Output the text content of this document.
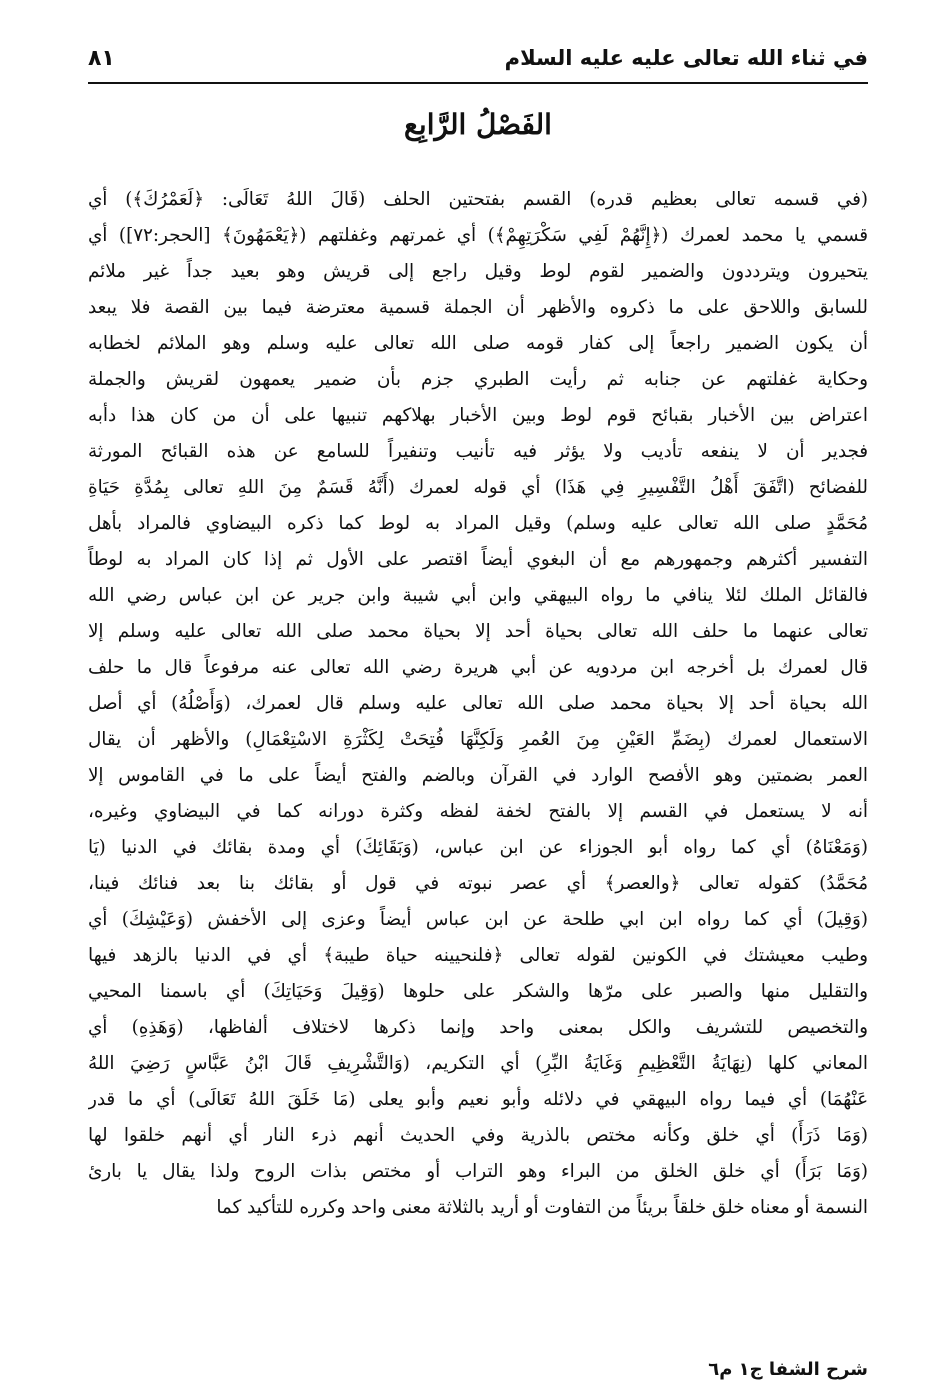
في ثناء الله تعالى عليه عليه السلام
٨١
الفَصْلُ الرَّابِع
(في قسمه تعالى بعظيم قدره) القسم بفتحتين الحلف (قَالَ اللهُ تَعَالَى: ﴿لَعَمْرُكَ﴾) أي
قسمي يا محمد لعمرك (﴿إِنَّهُمْ لَفِي سَكْرَتِهِمْ﴾) أي غمرتهم وغفلتهم (﴿يَعْمَهُونَ﴾ [الحجر:٧٢]) أي
يتحيرون ويترددون والضمير لقوم لوط وقيل راجع إلى قريش وهو بعيد جداً غير ملائم
للسابق واللاحق على ما ذكروه والأظهر أن الجملة قسمية معترضة فيما بين القصة فلا يبعد
أن يكون الضمير راجعاً إلى كفار قومه صلى الله تعالى عليه وسلم وهو الملائم لخطابه
وحكاية غفلتهم عن جنابه ثم رأيت الطبري جزم بأن ضمير يعمهون لقريش والجملة
اعتراض بين الأخبار بقبائح قوم لوط وبين الأخبار بهلاكهم تنبيها على أن من كان هذا دأبه
فجدير أن لا ينفعه تأديب ولا يؤثر فيه تأنيب وتنفيراً للسامع عن هذه القبائح المورثة
للفضائح (اتَّفَقَ أَهْلُ التَّفْسِيرِ فِي هَذَا) أي قوله لعمرك (أَنَّهُ قَسَمٌ مِنَ اللهِ تعالى بِمُدَّةِ حَيَاةِ
مُحَمَّدٍ صلى الله تعالى عليه وسلم) وقيل المراد به لوط كما ذكره البيضاوي فالمراد بأهل
التفسير أكثرهم وجمهورهم مع أن البغوي أيضاً اقتصر على الأول ثم إذا كان المراد به لوطاً
فالقائل الملك لئلا ينافي ما رواه البيهقي وابن أبي شيبة وابن جرير عن ابن عباس رضي الله
تعالى عنهما ما حلف الله تعالى بحياة أحد إلا بحياة محمد صلى الله تعالى عليه وسلم إلا
قال لعمرك بل أخرجه ابن مردويه عن أبي هريرة رضي الله تعالى عنه مرفوعاً قال ما حلف
الله بحياة أحد إلا بحياة محمد صلى الله تعالى عليه وسلم قال لعمرك، (وَأَصْلُهُ) أي أصل
الاستعمال لعمرك (بِضَمِّ العَيْنِ مِنَ العُمرِ وَلَكِنَّهَا فُتِحَتْ لِكَثْرَةِ الاسْتِعْمَالِ) والأظهر أن يقال
العمر بضمتين وهو الأفصح الوارد في القرآن وبالضم والفتح أيضاً على ما في القاموس إلا
أنه لا يستعمل في القسم إلا بالفتح لخفة لفظه وكثرة دورانه كما في البيضاوي وغيره،
(وَمَعْنَاهُ) أي كما رواه أبو الجوزاء عن ابن عباس، (وَبَقَائِكَ) أي ومدة بقائك في الدنيا (يَا
مُحَمَّدُ) كقوله تعالى ﴿والعصر﴾ أي عصر نبوته في قول أو بقائك بنا بعد فنائك فينا،
(وَقِيلَ) أي كما رواه ابن ابي طلحة عن ابن عباس أيضاً وعزى إلى الأخفش (وَعَيْشِكَ) أي
وطيب معيشتك في الكونين لقوله تعالى ﴿فلنحيينه حياة طيبة﴾ أي في الدنيا بالزهد فيها
والتقليل منها والصبر على مرّها والشكر على حلوها (وَقِيلَ وَحَيَاتِكَ) أي باسمنا المحيي
والتخصيص للتشريف والكل بمعنى واحد وإنما ذكرها لاختلاف ألفاظها، (وَهَذِهِ) أي
المعاني كلها (نِهَايَةُ التَّعْظِيمِ وَغَايَةُ البِّرِ) أي التكريم، (وَالتَّشْرِيفِ قَالَ ابْنُ عَبَّاسٍ رَضِيَ اللهُ
عَنْهُمَا) أي فيما رواه البيهقي في دلائله وأبو نعيم وأبو يعلى (مَا خَلَقَ اللهُ تَعَالَى) أي ما قدر
(وَمَا ذَرَأَ) أي خلق وكأنه مختص بالذرية وفي الحديث أنهم ذرء النار أي أنهم خلقوا لها
(وَمَا بَرَأَ) أي خلق الخلق من البراء وهو التراب أو مختص بذات الروح ولذا يقال يا بارئ
النسمة أو معناه خلق خلقاً بريئاً من التفاوت أو أريد بالثلاثة معنى واحد وكرره للتأكيد كما
شرح الشفا ج١ م٦
